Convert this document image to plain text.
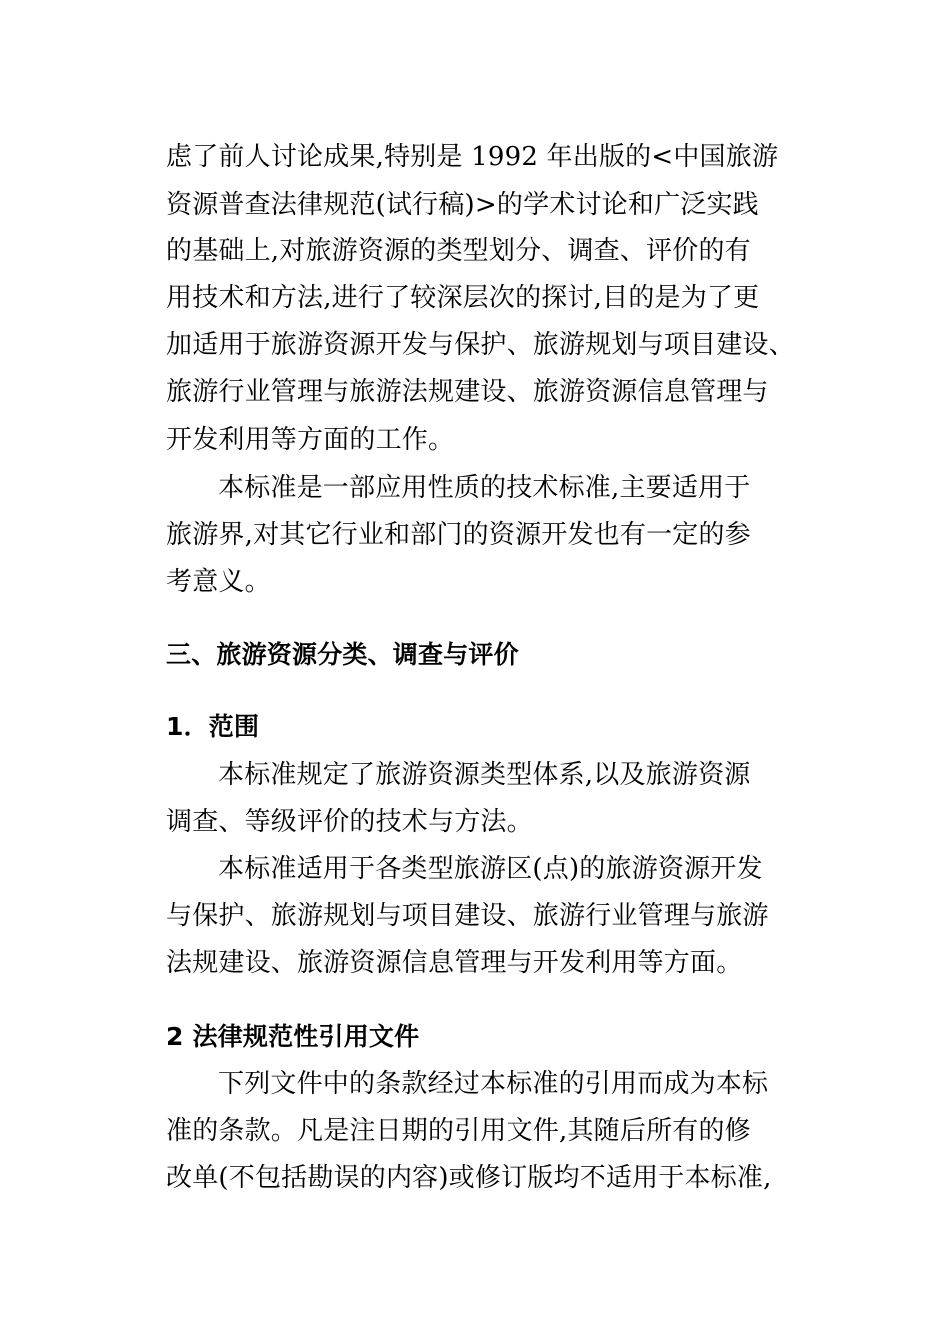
虑了前人讨论成果,特别是 1992 年出版的<中国旅游
资源普查法律规范(试行稿)>的学术讨论和广泛实践
的基础上,对旅游资源的类型划分、调查、评价的有
用技术和方法,进行了较深层次的探讨,目的是为了更
加适用于旅游资源开发与保护、旅游规划与项目建设、
旅游行业管理与旅游法规建设、旅游资源信息管理与
开发利用等方面的工作。
本标准是一部应用性质的技术标准,主要适用于
旅游界,对其它行业和部门的资源开发也有一定的参
考意义。
三、旅游资源分类、调查与评价
1．范围
本标准规定了旅游资源类型体系,以及旅游资源
调查、等级评价的技术与方法。
本标准适用于各类型旅游区(点)的旅游资源开发
与保护、旅游规划与项目建设、旅游行业管理与旅游
法规建设、旅游资源信息管理与开发利用等方面。
2 法律规范性引用文件
下列文件中的条款经过本标准的引用而成为本标
准的条款。凡是注日期的引用文件,其随后所有的修
改单(不包括勘误的内容)或修订版均不适用于本标准,
